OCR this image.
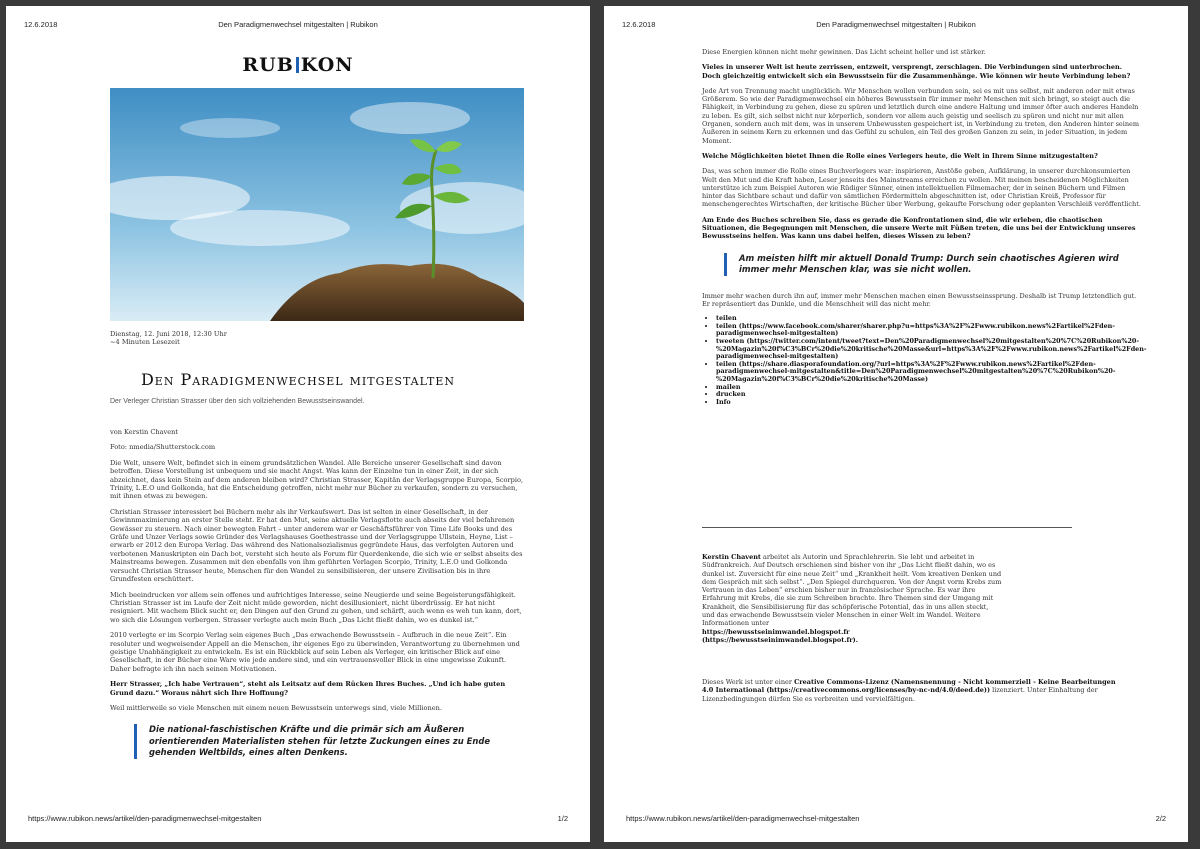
12.6.2018	Den Paradigmenwechsel mitgestalten | Rubikon
RUB KON
Dienstag, 12. Juni 2018, 12:30 Uhr
~4 Minuten Lesezeit
Den Paradigmenwechsel mitgestalten
Der Verleger Christian Strasser über den sich vollziehenden Bewusstseinswandel.

von Kerstin Chavent

Foto: nmedia/Shutterstock.com

Die Welt, unsere Welt, befindet sich in einem grundsätzlichen Wandel. Alle Bereiche unserer Gesellschaft sind davon betroffen. Diese Vorstellung ist unbequem und sie macht Angst. Was kann der Einzelne tun in einer Zeit, in der sich abzeichnet, dass kein Stein auf dem anderen bleiben wird? Christian Strasser, Kapitän der Verlagsgruppe Europa, Scorpio, Trinity, L.E.O und Golkonda, hat die Entscheidung getroffen, nicht mehr nur Bücher zu verkaufen, sondern zu versuchen, mit ihnen etwas zu bewegen.

Christian Strasser interessiert bei Büchern mehr als ihr Verkaufswert. Das ist selten in einer Gesellschaft, in der Gewinnmaximierung an erster Stelle steht. Er hat den Mut, seine aktuelle Verlagsflotte auch abseits der viel befahrenen Gewässer zu steuern. Nach einer bewegten Fahrt – unter anderem war er Geschäftsführer von Time Life Books und des Gräfe und Unzer Verlags sowie Gründer des Verlagshauses Goethestrasse und der Verlagsgruppe Ullstein, Heyne, List – erwarb er 2012 den Europa Verlag. Das während des Nationalsozialismus gegründete Haus, das verfolgten Autoren und verbotenen Manuskripten ein Dach bot, versteht sich heute als Forum für Querdenkende, die sich wie er selbst abseits des Mainstreams bewegen. Zusammen mit den ebenfalls von ihm geführten Verlagen Scorpio, Trinity, L.E.O und Golkonda versucht Christian Strasser heute, Menschen für den Wandel zu sensibilisieren, der unsere Zivilisation bis in ihre Grundfesten erschüttert.

Mich beeindrucken vor allem sein offenes und aufrichtiges Interesse, seine Neugierde und seine Begeisterungsfähigkeit. Christian Strasser ist im Laufe der Zeit nicht müde geworden, nicht desillusioniert, nicht überdrüssig. Er hat nicht resigniert. Mit wachem Blick sucht er, den Dingen auf den Grund zu gehen, und schärft, auch wenn es weh tun kann, dort, wo sich die Lösungen verbergen. Strasser verlegte auch mein Buch „Das Licht fließt dahin, wo es dunkel ist.“

2010 verlegte er im Scorpio Verlag sein eigenes Buch „Das erwachende Bewusstsein – Aufbruch in die neue Zeit“. Ein resoluter und wegweisender Appell an die Menschen, ihr eigenes Ego zu überwinden, Verantwortung zu übernehmen und geistige Unabhängigkeit zu entwickeln. Es ist ein Rückblick auf sein Leben als Verleger, ein kritischer Blick auf eine Gesellschaft, in der Bücher eine Ware wie jede andere sind, und ein vertrauensvoller Blick in eine ungewisse Zukunft. Daher befragte ich ihn nach seinen Motivationen.

Herr Strasser, „Ich habe Vertrauen“, steht als Leitsatz auf dem Rücken Ihres Buches. „Und ich habe guten Grund dazu.“ Woraus nährt sich Ihre Hoffnung?

Weil mittlerweile so viele Menschen mit einem neuen Bewusstsein unterwegs sind, viele Millionen.

Die national-faschistischen Kräfte und die primär sich am Äußeren orientierenden Materialisten stehen für letzte Zuckungen eines zu Ende gehenden Weltbilds, eines alten Denkens.
https://www.rubikon.news/artikel/den-paradigmenwechsel-mitgestalten	1/2
12.6.2018	Den Paradigmenwechsel mitgestalten | Rubikon

Diese Energien können nicht mehr gewinnen. Das Licht scheint heller und ist stärker.

Vieles in unserer Welt ist heute zerrissen, entzweit, versprengt, zerschlagen. Die Verbindungen sind unterbrochen. Doch gleichzeitig entwickelt sich ein Bewusstsein für die Zusammenhänge. Wie können wir heute Verbindung leben?

Jede Art von Trennung macht unglücklich. Wir Menschen wollen verbunden sein, sei es mit uns selbst, mit anderen oder mit etwas Größerem. So wie der Paradigmenwechsel ein höheres Bewusstsein für immer mehr Menschen mit sich bringt, so steigt auch die Fähigkeit, in Verbindung zu gehen, diese zu spüren und letztlich durch eine andere Haltung und immer öfter auch anderes Handeln zu leben. Es gilt, sich selbst nicht nur körperlich, sondern vor allem auch geistig und seelisch zu spüren und nicht nur mit allen Organen, sondern auch mit dem, was in unserem Unbewussten gespeichert ist, in Verbindung zu treten, den Anderen hinter seinem Äußeren in seinem Kern zu erkennen und das Gefühl zu schulen, ein Teil des großen Ganzen zu sein, in jeder Situation, in jedem Moment.

Welche Möglichkeiten bietet Ihnen die Rolle eines Verlegers heute, die Welt in Ihrem Sinne mitzugestalten?

Das, was schon immer die Rolle eines Buchverlegers war: inspirieren, Anstöße geben, Aufklärung, in unserer durchkonsumierten Welt den Mut und die Kraft haben, Leser jenseits des Mainstreams erreichen zu wollen. Mit meinen bescheidenen Möglichkeiten unterstütze ich zum Beispiel Autoren wie Rüdiger Sünner, einen intellektuellen Filmemacher, der in seinen Büchern und Filmen hinter das Sichtbare schaut und dafür von sämtlichen Fördermitteln abgeschnitten ist, oder Christian Kreiß, Professor für menschengerechtes Wirtschaften, der kritische Bücher über Werbung, gekaufte Forschung oder geplanten Verschleiß veröffentlicht.

Am Ende des Buches schreiben Sie, dass es gerade die Konfrontationen sind, die wir erleben, die chaotischen Situationen, die Begegnungen mit Menschen, die unsere Werte mit Füßen treten, die uns bei der Entwicklung unseres Bewusstseins helfen. Was kann uns dabei helfen, dieses Wissen zu leben?

Am meisten hilft mir aktuell Donald Trump: Durch sein chaotisches Agieren wird immer mehr Menschen klar, was sie nicht wollen.

Immer mehr wachen durch ihn auf, immer mehr Menschen machen einen Bewusstseinssprung. Deshalb ist Trump letztendlich gut. Er repräsentiert das Dunkle, und die Menschheit will das nicht mehr.

• teilen
• teilen (https://www.facebook.com/sharer/sharer.php?u=https%3A%2F%2Fwww.rubikon.news%2Fartikel%2Fden-paradigmenwechsel-mitgestalten)
• tweeten (https://twitter.com/intent/tweet?text=Den%20Paradigmenwechsel%20mitgestalten%20%7C%20Rubikon%20-%20Magazin%20f%C3%BCr%20die%20kritische%20Masse&url=https%3A%2F%2Fwww.rubikon.news%2Fartikel%2Fden-paradigmenwechsel-mitgestalten)
• teilen (https://share.diasporafoundation.org/?url=https%3A%2F%2Fwww.rubikon.news%2Fartikel%2Fden-paradigmenwechsel-mitgestalten&title=Den%20Paradigmenwechsel%20mitgestalten%20%7C%20Rubikon%20-%20Magazin%20f%C3%BCr%20die%20kritische%20Masse)
• mailen
• drucken
• Info

Kerstin Chavent arbeitet als Autorin und Sprachlehrerin. Sie lebt und arbeitet in Südfrankreich. Auf Deutsch erschienen sind bisher von ihr „Das Licht fließt dahin, wo es dunkel ist. Zuversicht für eine neue Zeit“ und „Krankheit heilt. Vom kreativen Denken und dem Gespräch mit sich selbst“. „Den Spiegel durchqueren. Von der Angst vorm Krebs zum Vertrauen in das Leben“ erschien bisher nur in französischer Sprache. Es war ihre Erfahrung mit Krebs, die sie zum Schreiben brachte. Ihre Themen sind der Umgang mit Krankheit, die Sensibilisierung für das schöpferische Potential, das in uns allen steckt, und das erwachende Bewusstsein vieler Menschen in einer Welt im Wandel. Weitere Informationen unter
https://bewusstseinimwandel.blogspot.fr (https://bewusstseinimwandel.blogspot.fr).

Dieses Werk ist unter einer Creative Commons-Lizenz (Namensnennung - Nicht kommerziell - Keine Bearbeitungen 4.0 International (https://creativecommons.org/licenses/by-nc-nd/4.0/deed.de)) lizenziert. Unter Einhaltung der Lizenzbedingungen dürfen Sie es verbreiten und vervielfältigen.

https://www.rubikon.news/artikel/den-paradigmenwechsel-mitgestalten	2/2
